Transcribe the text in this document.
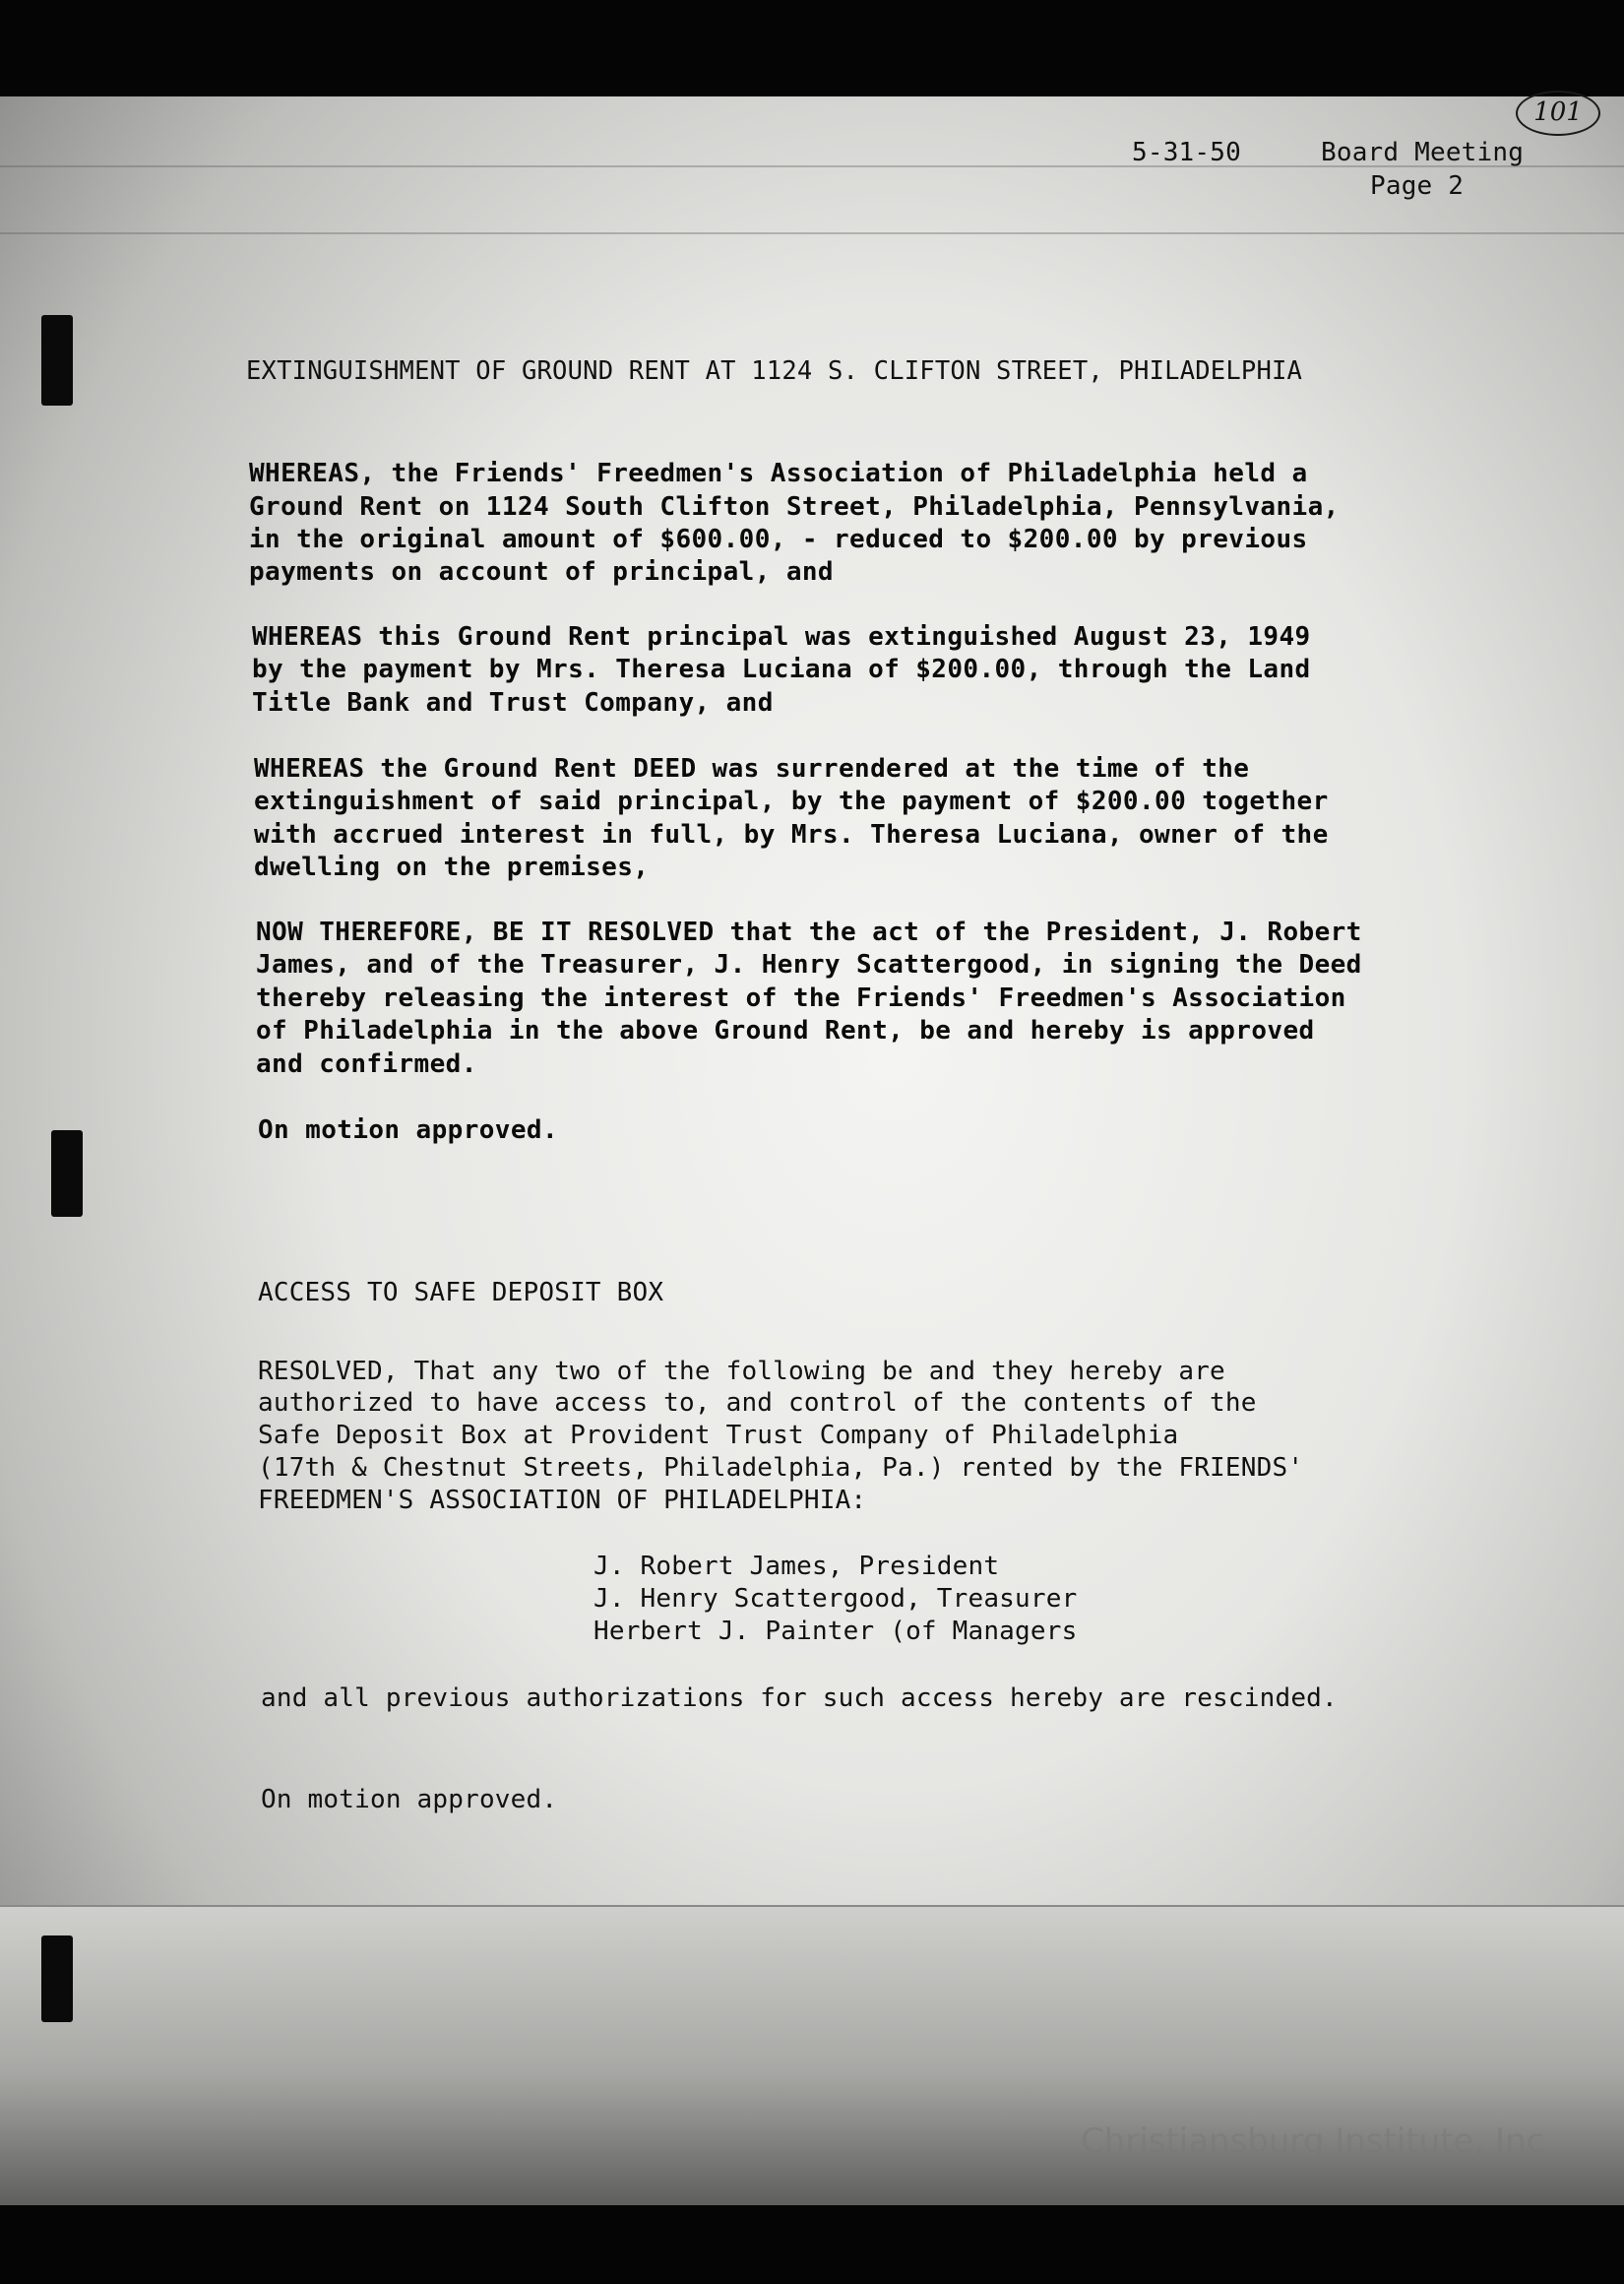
101
5-31-50	Board Meeting
Page 2
EXTINGUISHMENT OF GROUND RENT AT 1124 S. CLIFTON STREET, PHILADELPHIA
WHEREAS, the Friends' Freedmen's Association of Philadelphia held a
Ground Rent on 1124 South Clifton Street, Philadelphia, Pennsylvania,
in the original amount of $600.00, - reduced to $200.00 by previous
payments on account of principal, and
WHEREAS this Ground Rent principal was extinguished August 23, 1949
by the payment by Mrs. Theresa Luciana of $200.00, through the Land
Title Bank and Trust Company, and
WHEREAS the Ground Rent DEED was surrendered at the time of the
extinguishment of said principal, by the payment of $200.00 together
with accrued interest in full, by Mrs. Theresa Luciana, owner of the
dwelling on the premises,
NOW THEREFORE, BE IT RESOLVED that the act of the President, J. Robert
James, and of the Treasurer, J. Henry Scattergood, in signing the Deed
thereby releasing the interest of the Friends' Freedmen's Association
of Philadelphia in the above Ground Rent, be and hereby is approved
and confirmed.
On motion approved.
ACCESS TO SAFE DEPOSIT BOX
RESOLVED, That any two of the following be and they hereby are
authorized to have access to, and control of the contents of the
Safe Deposit Box at Provident Trust Company of Philadelphia
(17th & Chestnut Streets, Philadelphia, Pa.) rented by the FRIENDS'
FREEDMEN'S ASSOCIATION OF PHILADELPHIA:
J. Robert James, President
J. Henry Scattergood, Treasurer
Herbert J. Painter (of Managers
and all previous authorizations for such access hereby are rescinded.
On motion approved.
Christiansburg Institute, Inc
